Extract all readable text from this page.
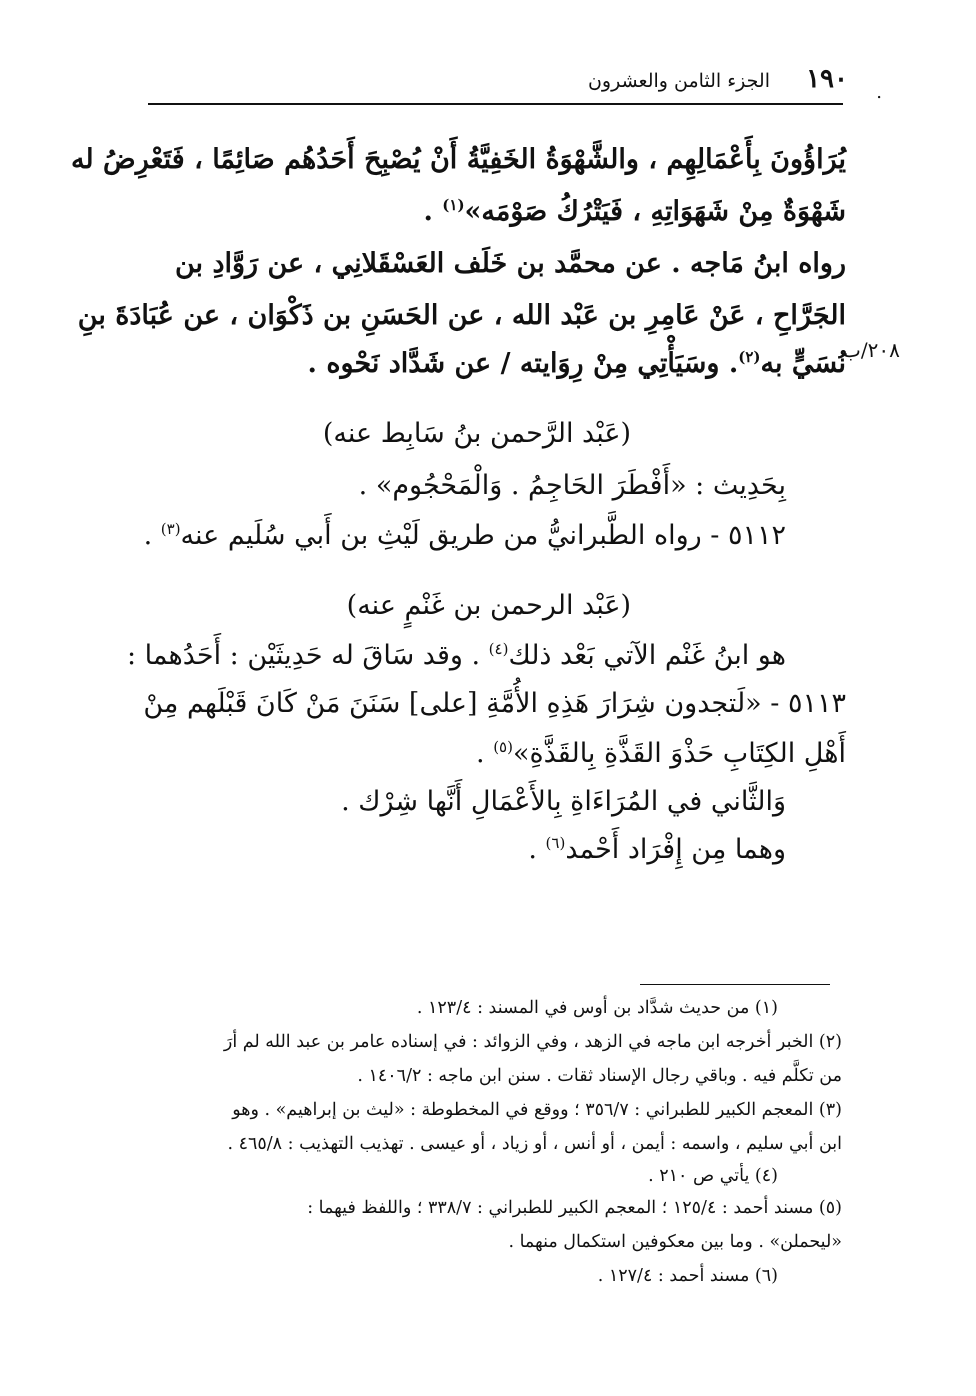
١٩٠
الجزء الثامن والعشرون
.
٢٠٨/ب
يُرَاؤُونَ بِأَعْمَالِهِم ، والشَّهْوَةُ الخَفِيَّةُ أَنْ يُصْبِحَ أَحَدُهُم صَائِمًا ، فَتَعْرِضُ له
شَهْوَةٌ مِنْ شَهَوَاتِهِ ، فَيَتْرُكُ صَوْمَه»$^{(١)}$ .
رواه ابنُ مَاجه . عن محمَّد بن خَلَف العَسْقَلانِي ، عن رَوَّادِ بن
الجَرَّاحِ ، عَنْ عَامِرِ بن عَبْد الله ، عن الحَسَنِ بن ذَكْوَان ، عن عُبَادَةَ بنِ
نُسَيٍّ به$^{(٢)}$. وسَيَأْتِي مِنْ رِوَايته / عن شَدَّاد نَحْوه .
(عَبْد الرَّحمن بنُ سَابِط عنه)
بِحَدِيث : «أَفْطَرَ الحَاجِمُ . وَالْمَحْجُوم» .
٥١١٢ - رواه الطَّبرانيُّ من طريق لَيْثِ بن أَبي سُلَيم عنه$^{(٣)}$ .
(عَبْد الرحمن بن غَنْمٍ عنه)
هو ابنُ غَنْم الآتي بَعْد ذلك$^{(٤)}$ . وقد سَاقَ له حَدِيثَيْن : أَحَدُهما :
٥١١٣ - «لَتجدون شِرَارَ هَذِهِ الأُمَّةِ [على] سَنَنَ مَنْ كَانَ قَبْلَهم مِنْ
أَهْلِ الكِتَابِ حَذْوَ القَذَّةِ بِالقَذَّةِ»$^{(٥)}$ .
وَالثَّاني في المُرَاءَاةِ بِالأَعْمَالِ أَنَّها شِرْك .
وهما مِن إِفْرَاد أَحْمد$^{(٦)}$ .
(١) من حديث شدَّاد بن أوس في المسند : ١٢٣/٤ .
(٢) الخبر أخرجه ابن ماجه في الزهد ، وفي الزوائد : في إسناده عامر بن عبد الله لم أرَ
من تكلَّم فيه . وباقي رجال الإسناد ثقات . سنن ابن ماجه : ١٤٠٦/٢ .
(٣) المعجم الكبير للطبراني : ٣٥٦/٧ ؛ ووقع في المخطوطة : «ليث بن إبراهيم» . وهو
ابن أبي سليم ، واسمه : أيمن ، أو أنس ، أو زياد ، أو عيسى . تهذيب التهذيب : ٤٦٥/٨ .
(٤) يأتي ص ٢١٠ .
(٥) مسند أحمد : ١٢٥/٤ ؛ المعجم الكبير للطبراني : ٣٣٨/٧ ؛ واللفظ فيهما :
«ليحملن» . وما بين معكوفين استكمال منهما .
(٦) مسند أحمد : ١٢٧/٤ .
